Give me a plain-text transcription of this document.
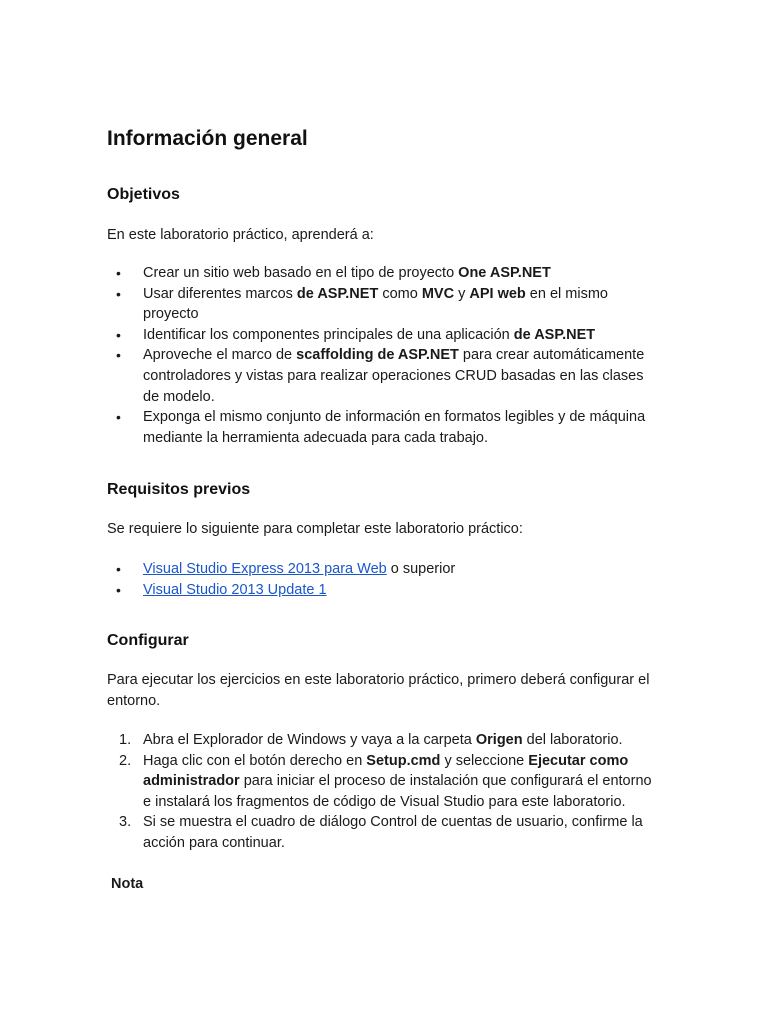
Información general
Objetivos

En este laboratorio práctico, aprenderá a:

• Crear un sitio web basado en el tipo de proyecto One ASP.NET
• Usar diferentes marcos de ASP.NET como MVC y API web en el mismo proyecto
• Identificar los componentes principales de una aplicación de ASP.NET
• Aproveche el marco de scaffolding de ASP.NET para crear automáticamente controladores y vistas para realizar operaciones CRUD basadas en las clases de modelo.
• Exponga el mismo conjunto de información en formatos legibles y de máquina mediante la herramienta adecuada para cada trabajo.
Requisitos previos

Se requiere lo siguiente para completar este laboratorio práctico:

• Visual Studio Express 2013 para Web o superior
• Visual Studio 2013 Update 1
Configurar

Para ejecutar los ejercicios en este laboratorio práctico, primero deberá configurar el entorno.

1. Abra el Explorador de Windows y vaya a la carpeta Origen del laboratorio.
2. Haga clic con el botón derecho en Setup.cmd y seleccione Ejecutar como administrador para iniciar el proceso de instalación que configurará el entorno e instalará los fragmentos de código de Visual Studio para este laboratorio.
3. Si se muestra el cuadro de diálogo Control de cuentas de usuario, confirme la acción para continuar.

Nota
